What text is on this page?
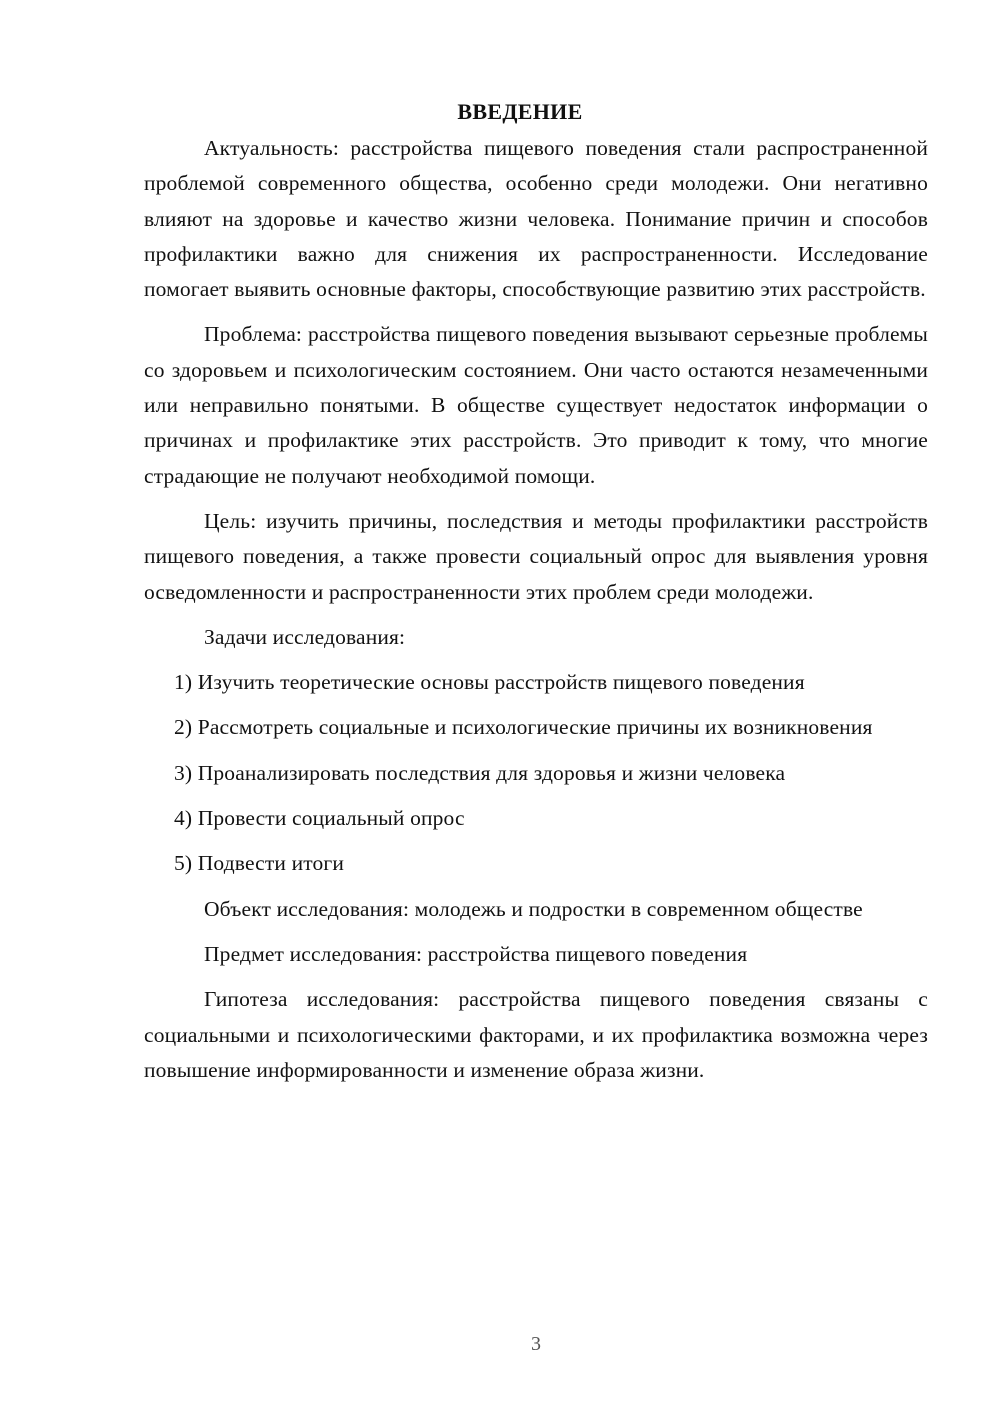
ВВЕДЕНИЕ

Актуальность: расстройства пищевого поведения стали распространенной проблемой современного общества, особенно среди молодежи. Они негативно влияют на здоровье и качество жизни человека. Понимание причин и способов профилактики важно для снижения их распространенности. Исследование помогает выявить основные факторы, способствующие развитию этих расстройств.

Проблема: расстройства пищевого поведения вызывают серьезные проблемы со здоровьем и психологическим состоянием. Они часто остаются незамеченными или неправильно понятыми. В обществе существует недостаток информации о причинах и профилактике этих расстройств. Это приводит к тому, что многие страдающие не получают необходимой помощи.

Цель: изучить причины, последствия и методы профилактики расстройств пищевого поведения, а также провести социальный опрос для выявления уровня осведомленности и распространенности этих проблем среди молодежи.

Задачи исследования:

1) Изучить теоретические основы расстройств пищевого поведения

2) Рассмотреть социальные и психологические причины их возникновения

3) Проанализировать последствия для здоровья и жизни человека

4) Провести социальный опрос

5) Подвести итоги

Объект исследования: молодежь и подростки в современном обществе

Предмет исследования: расстройства пищевого поведения

Гипотеза исследования: расстройства пищевого поведения связаны с социальными и психологическими факторами, и их профилактика возможна через повышение информированности и изменение образа жизни.

3
